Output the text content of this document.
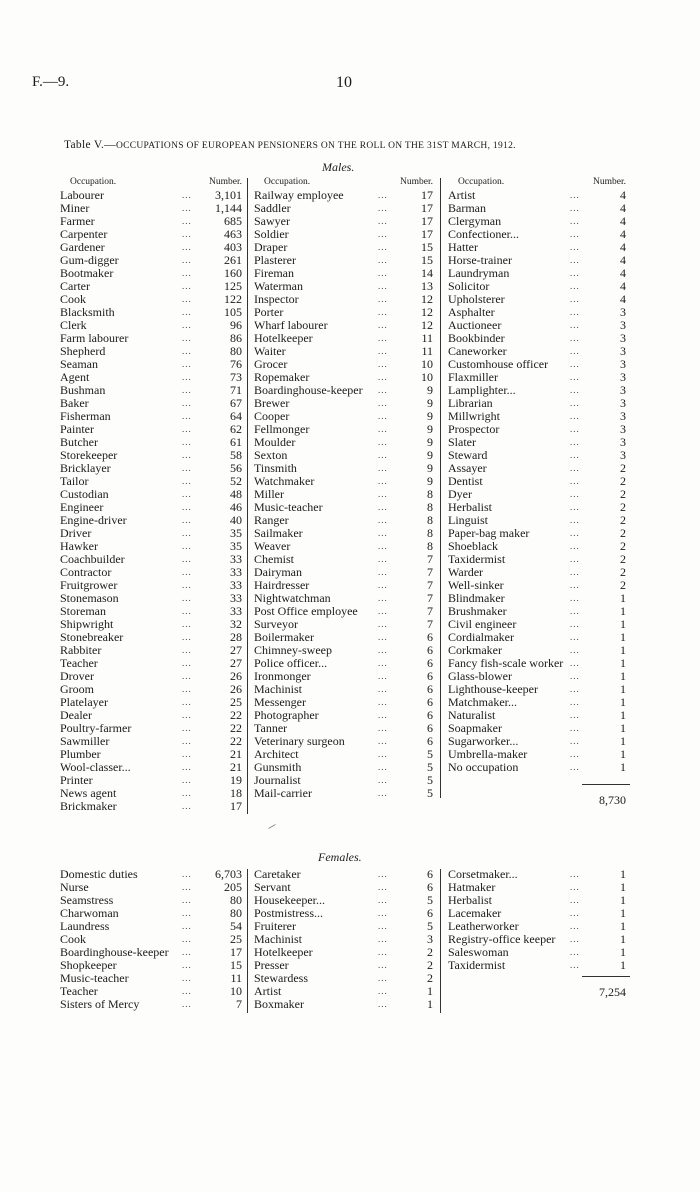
F.—9.	10
Table V.—OCCUPATIONS OF EUROPEAN PENSIONERS ON THE ROLL ON THE 31ST MARCH, 1912.
Males.
Females.
Occupation.	Number.
Labourer	... 3,101
Miner	... 1,144
Farmer	...	685
Carpenter	...	463
Gardener	...	403
Gum-digger	...	261
Bootmaker	...	160
Carter	...	125
Cook	...	122
Blacksmith	...	105
Clerk	...	96
Farm labourer	...	86
Shepherd	...	80
Seaman	...	76
Agent	...	73
Bushman	...	71
Baker	...	67
Fisherman	...	64
Painter	...	62
Butcher	...	61
Storekeeper	...	58
Bricklayer	...	56
Tailor	...	52
Custodian	...	48
Engineer	...	46
Engine-driver	...	40
Driver	...	35
Hawker	...	35
Coachbuilder	...	33
Contractor	...	33
Fruitgrower	...	33
Stonemason	...	33
Storeman	...	33
Shipwright	...	32
Stonebreaker	...	28
Rabbiter	...	27
Teacher	...	27
Drover	...	26
Groom	...	26
Platelayer	...	25
Dealer	...	22
Poultry-farmer	...	22
Sawmiller	...	22
Plumber	...	21
Wool-classer...	...	21
Printer	...	19
News agent	...	18
Brickmaker	...	17
Occupation.	Number.
Railway employee	...	17
Saddler	...	17
Sawyer	...	17
Soldier	...	17
Draper	...	15
Plasterer	...	15
Fireman	...	14
Waterman	...	13
Inspector	...	12
Porter	...	12
Wharf labourer	...	12
Hotelkeeper	...	11
Waiter	...	11
Grocer	...	10
Ropemaker	...	10
Boardinghouse-keeper ...	9
Brewer	...	9
Cooper	...	9
Fellmonger	...	9
Moulder	...	9
Sexton	...	9
Tinsmith	...	9
Watchmaker	...	9
Miller	...	8
Music-teacher	...	8
Ranger	...	8
Sailmaker	...	8
Weaver	...	8
Chemist	...	7
Dairyman	...	7
Hairdresser	...	7
Nightwatchman	...	7
Post Office employee ...	7
Surveyor	...	7
Boilermaker	...	6
Chimney-sweep	...	6
Police officer...	...	6
Ironmonger	...	6
Machinist	...	6
Messenger	...	6
Photographer	...	6
Tanner	...	6
Veterinary surgeon	...	6
Architect	...	5
Gunsmith	...	5
Journalist	...	5
Mail-carrier	...	5
Occupation.	Number.
Artist	...	4
Barman	...	4
Clergyman	...	4
Confectioner...	...	4
Hatter	...	4
Horse-trainer	...	4
Laundryman	...	4
Solicitor	...	4
Upholsterer	...	4
Asphalter	...	3
Auctioneer	...	3
Bookbinder	...	3
Caneworker	...	3
Customhouse officer ...	3
Flaxmiller	...	3
Lamplighter...	...	3
Librarian	...	3
Millwright	...	3
Prospector	...	3
Slater	...	3
Steward	...	3
Assayer	...	2
Dentist	...	2
Dyer	...	2
Herbalist	...	2
Linguist	...	2
Paper-bag maker	...	2
Shoeblack	...	2
Taxidermist	...	2
Warder	...	2
Well-sinker	...	2
Blindmaker	...	1
Brushmaker	...	1
Civil engineer	...	1
Cordialmaker	...	1
Corkmaker	...	1
Fancy fish-scale worker ...	1
Glass-blower	...	1
Lighthouse-keeper	...	1
Matchmaker...	...	1
Naturalist	...	1
Soapmaker	...	1
Sugarworker...	...	1
Umbrella-maker	...	1
No occupation	...	1
8,730
Domestic duties	... 6,703
Nurse	...	205
Seamstress	...	80
Charwoman	...	80
Laundress	...	54
Cook	...	25
Boardinghouse-keeper ...	17
Shopkeeper	...	15
Music-teacher	...	11
Teacher	...	10
Sisters of Mercy	...	7
Caretaker	...	6
Servant	...	6
Housekeeper...	...	5
Postmistress...	...	6
Fruiterer	...	5
Machinist	...	3
Hotelkeeper	...	2
Presser	...	2
Stewardess	...	2
Artist	...	1
Boxmaker	...	1
Corsetmaker...	...	1
Hatmaker	...	1
Herbalist	...	1
Lacemaker	...	1
Leatherworker	...	1
Registry-office keeper ...	1
Saleswoman	...	1
Taxidermist	...	1
7,254
